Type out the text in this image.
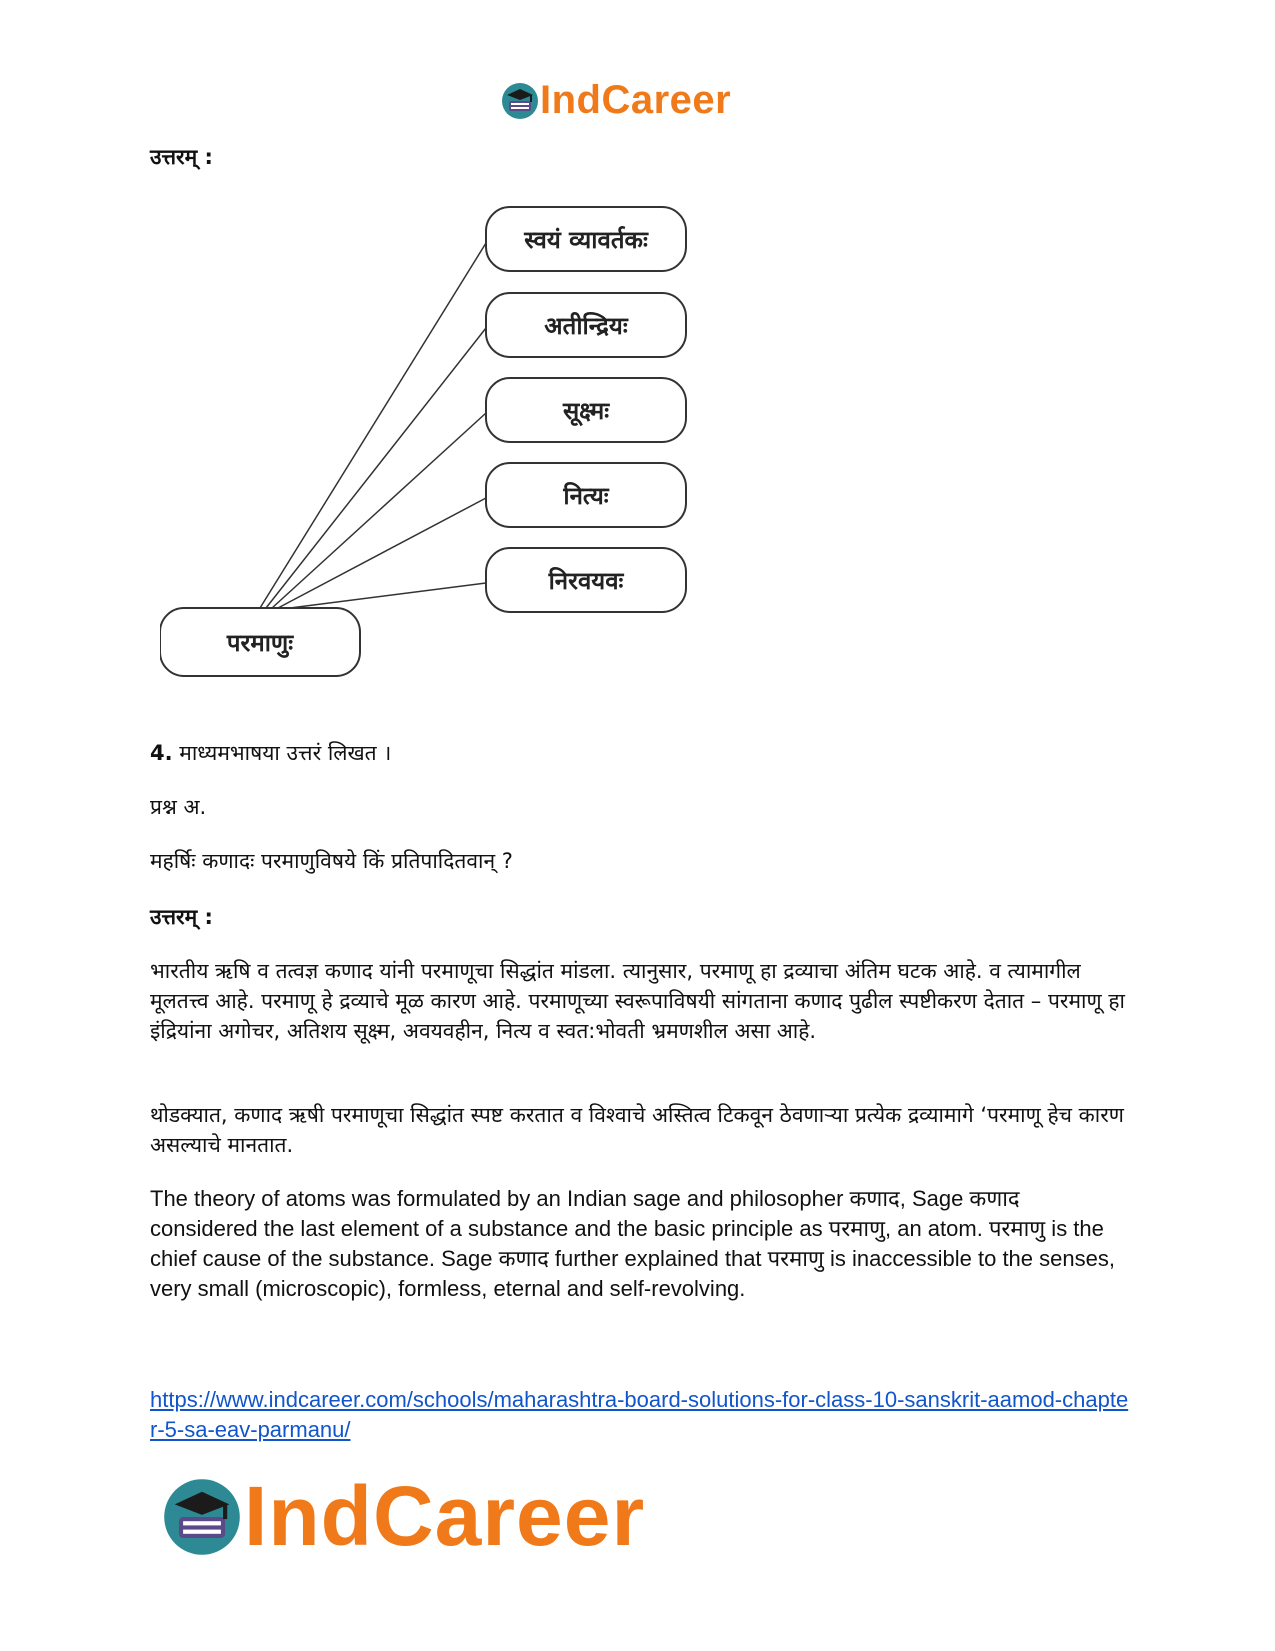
IndCareer

उत्तरम् :

स्वयं व्यावर्तकः
अतीन्द्रियः
सूक्ष्मः
नित्यः
निरवयवः
परमाणुः

4. माध्यमभाषया उत्तरं लिखत ।

प्रश्न अ.

महर्षिः कणादः परमाणुविषये किं प्रतिपादितवान् ?

उत्तरम् :

भारतीय ऋषि व तत्वज्ञ कणाद यांनी परमाणूचा सिद्धांत मांडला. त्यानुसार, परमाणू हा द्रव्याचा अंतिम घटक आहे. व त्यामागील मूलतत्त्व आहे. परमाणू हे द्रव्याचे मूळ कारण आहे. परमाणूच्या स्वरूपाविषयी सांगताना कणाद पुढील स्पष्टीकरण देतात – परमाणू हा इंद्रियांना अगोचर, अतिशय सूक्ष्म, अवयवहीन, नित्य व स्वत:भोवती भ्रमणशील असा आहे.

थोडक्यात, कणाद ऋषी परमाणूचा सिद्धांत स्पष्ट करतात व विश्वाचे अस्तित्व टिकवून ठेवणाऱ्या प्रत्येक द्रव्यामागे ‘परमाणू हेच कारण असल्याचे मानतात.

The theory of atoms was formulated by an Indian sage and philosopher कणाद, Sage कणाद considered the last element of a substance and the basic principle as परमाणु, an atom. परमाणु is the chief cause of the substance. Sage कणाद further explained that परमाणु is inaccessible to the senses, very small (microscopic), formless, eternal and self-revolving.

https://www.indcareer.com/schools/maharashtra-board-solutions-for-class-10-sanskrit-aamod-chapter-5-sa-eav-parmanu/
IndCareer
